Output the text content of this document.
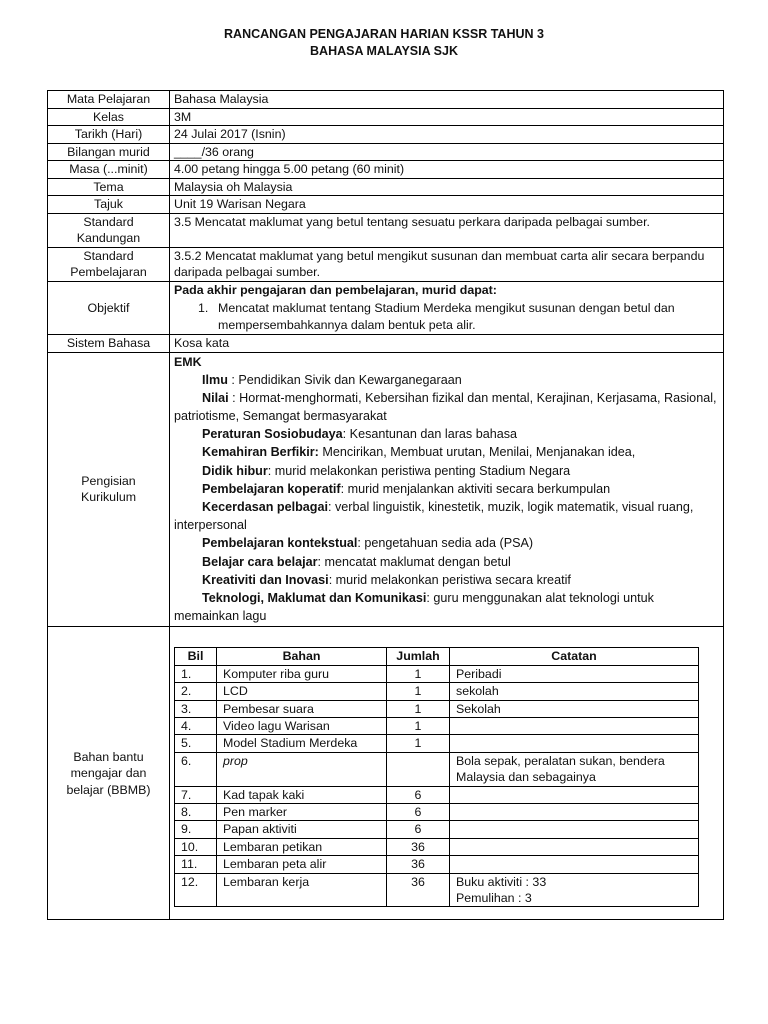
RANCANGAN PENGAJARAN HARIAN KSSR TAHUN 3
BAHASA MALAYSIA SJK
Mata Pelajaran	Bahasa Malaysia
Kelas	3M
Tarikh (Hari)	24 Julai 2017 (Isnin)
Bilangan murid	____/36 orang
Masa (...minit)	4.00 petang hingga 5.00 petang (60 minit)
Tema	Malaysia oh Malaysia
Tajuk	Unit 19 Warisan Negara

Standard
Kandungan
	3.5 Mencatat maklumat yang betul tentang sesuatu perkara daripada pelbagai sumber.

Standard
Pembelajaran
	3.5.2 Mencatat maklumat yang betul mengikut susunan dan membuat carta alir secara berpandu daripada pelbagai sumber.
Objektif	
Pada akhir pengajaran dan pembelajaran, murid dapat:
1. Mencatat maklumat tentang Stadium Merdeka mengikut susunan dengan betul dan mempersembahkannya dalam bentuk peta alir.

Sistem Bahasa	Kosa kata

Pengisian
Kurikulum

EMK
Ilmu : Pendidikan Sivik dan Kewarganegaraan
Nilai : Hormat-menghormati, Kebersihan fizikal dan mental, Kerajinan, Kerjasama, Rasional, patriotisme, Semangat bermasyarakat
Peraturan Sosiobudaya: Kesantunan dan laras bahasa
Kemahiran Berfikir: Mencirikan, Membuat urutan, Menilai, Menjanakan idea,
Didik hibur: murid melakonkan peristiwa penting Stadium Negara
Pembelajaran koperatif: murid menjalankan aktiviti secara berkumpulan
Kecerdasan pelbagai: verbal linguistik, kinestetik, muzik, logik matematik, visual ruang, interpersonal
Pembelajaran kontekstual: pengetahuan sedia ada (PSA)
Belajar cara belajar: mencatat maklumat dengan betul
Kreativiti dan Inovasi: murid melakonkan peristiwa secara kreatif
Teknologi, Maklumat dan Komunikasi: guru menggunakan alat teknologi untuk memainkan lagu

Bahan bantu
mengajar dan
belajar (BBMB)

Bil	Bahan	Jumlah	Catatan

1.	Komputer riba guru	1	Peribadi

2.	LCD	1	sekolah

3.	Pembesar suara	1	Sekolah

4.	Video lagu Warisan	1

5.	Model Stadium Merdeka	1

6.	prop		Bola sepak, peralatan sukan, bendera Malaysia dan sebagainya

7.	Kad tapak kaki	6

8.	Pen marker	6

9.	Papan aktiviti	6

10.	Lembaran petikan	36

11.	Lembaran peta alir	36

12.	Lembaran kerja	36	Buku aktiviti : 33
Pemulihan : 3
